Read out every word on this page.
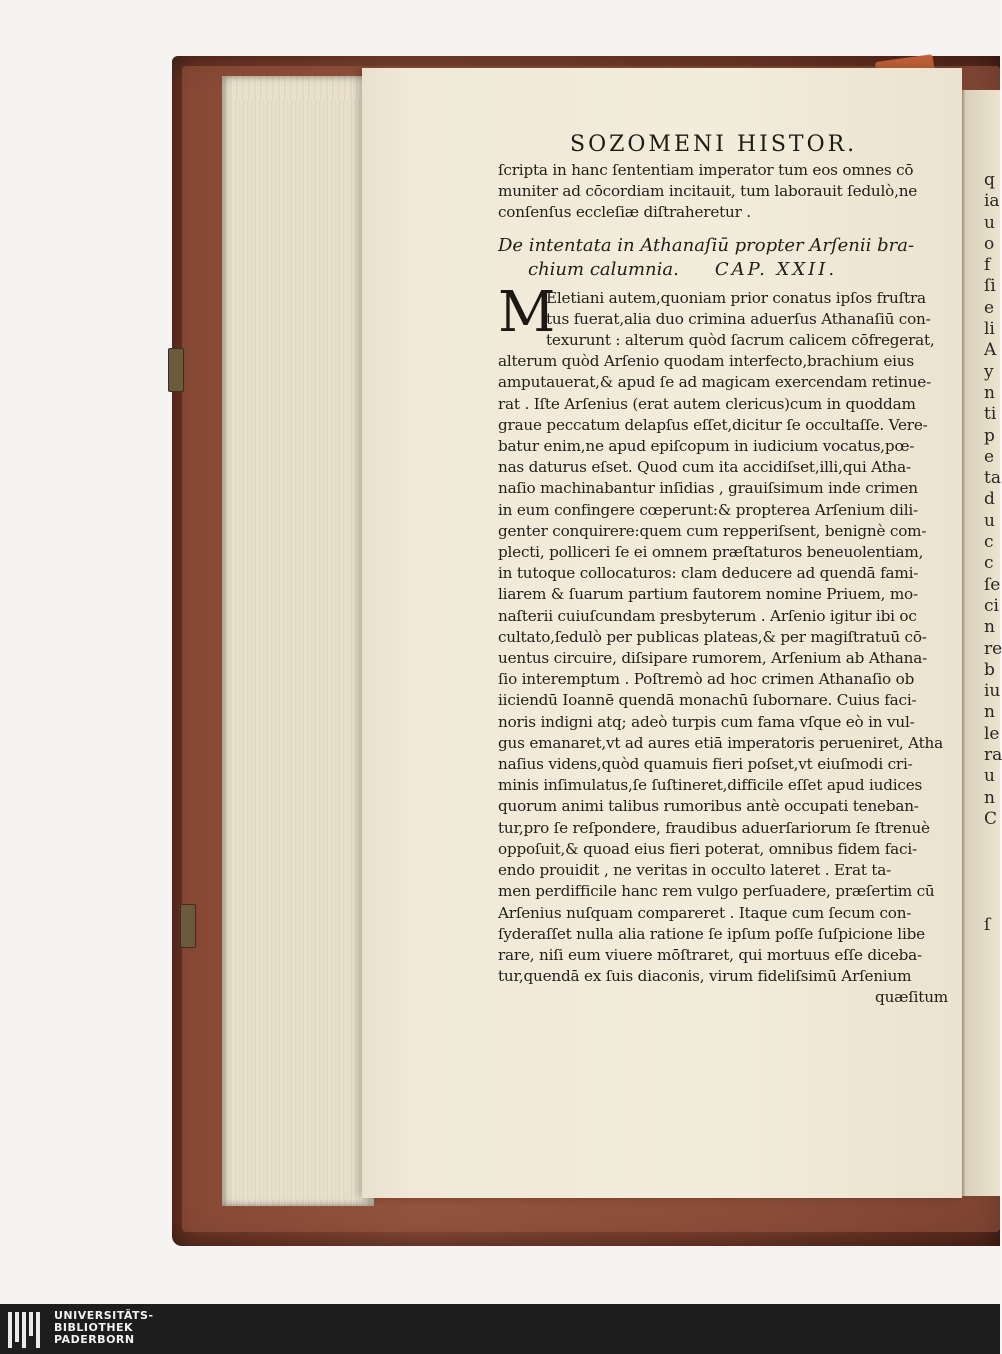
q
ia
u
o
f
ſi
e
li
A
y
n
ti
p
e
ta
d
u
c
c
ſe
ci
n
re
b
iu
n
le
ra
u
n
C
ſ
SOZOMENI HISTOR.
ſcripta in hanc ſententiam imperator tum eos omnes cō
muniter ad cōcordiam incitauit, tum laborauit ſedulò,ne
conſenſus eccleſiæ diſtraheretur .
De intentata in Athanaſiū propter Arſenii bra-
chium calumnia. CAP. XXII.
M
Eletiani autem,quoniam prior conatus ipſos fruſtra
tus fuerat,alia duo crimina aduerſus Athanaſiū con-
texurunt : alterum quòd ſacrum calicem cōfregerat,
alterum quòd Arſenio quodam interfecto,brachium eius
amputauerat,& apud ſe ad magicam exercendam retinue-
rat . Iſte Arſenius (erat autem clericus)cum in quoddam
graue peccatum delapſus eſſet,dicitur ſe occultaſſe. Vere-
batur enim,ne apud epiſcopum in iudicium vocatus,pœ-
nas daturus eſset. Quod cum ita accidiſset,illi,qui Atha-
naſio machinabantur inſidias , grauiſsimum inde crimen
in eum confingere cœperunt:& propterea Arſenium dili-
genter conquirere:quem cum repperiſsent, benignè com-
plecti, polliceri ſe ei omnem præſtaturos beneuolentiam,
in tutoque collocaturos: clam deducere ad quendā fami-
liarem & ſuarum partium fautorem nomine Priuem, mo-
naſterii cuiuſcundam presbyterum . Arſenio igitur ibi oc
cultato,ſedulò per publicas plateas,& per magiſtratuū cō-
uentus circuire, diſsipare rumorem, Arſenium ab Athana-
ſio interemptum . Poſtremò ad hoc crimen Athanaſio ob
iiciendū Ioannē quendā monachū ſubornare. Cuius faci-
noris indigni atq; adeò turpis cum fama vſque eò in vul-
gus emanaret,vt ad aures etiā imperatoris perueniret, Atha
naſius videns,quòd quamuis fieri poſset,vt eiuſmodi cri-
minis inſimulatus,ſe ſuſtineret,difficile eſſet apud iudices
quorum animi talibus rumoribus antè occupati teneban-
tur,pro ſe reſpondere, fraudibus aduerſariorum ſe ſtrenuè
oppoſuit,& quoad eius fieri poterat, omnibus fidem faci-
endo prouidit , ne veritas in occulto lateret . Erat ta-
men perdifficile hanc rem vulgo perſuadere, præſertim cū
Arſenius nuſquam compareret . Itaque cum ſecum con-
ſyderaſſet nulla alia ratione ſe ipſum poſſe ſuſpicione libe
rare, niſi eum viuere mōſtraret, qui mortuus eſſe diceba-
tur,quendā ex ſuis diaconis, virum fideliſsimū Arſenium
quæſitum
UNIVERSITÄTS-
BIBLIOTHEK
PADERBORN
